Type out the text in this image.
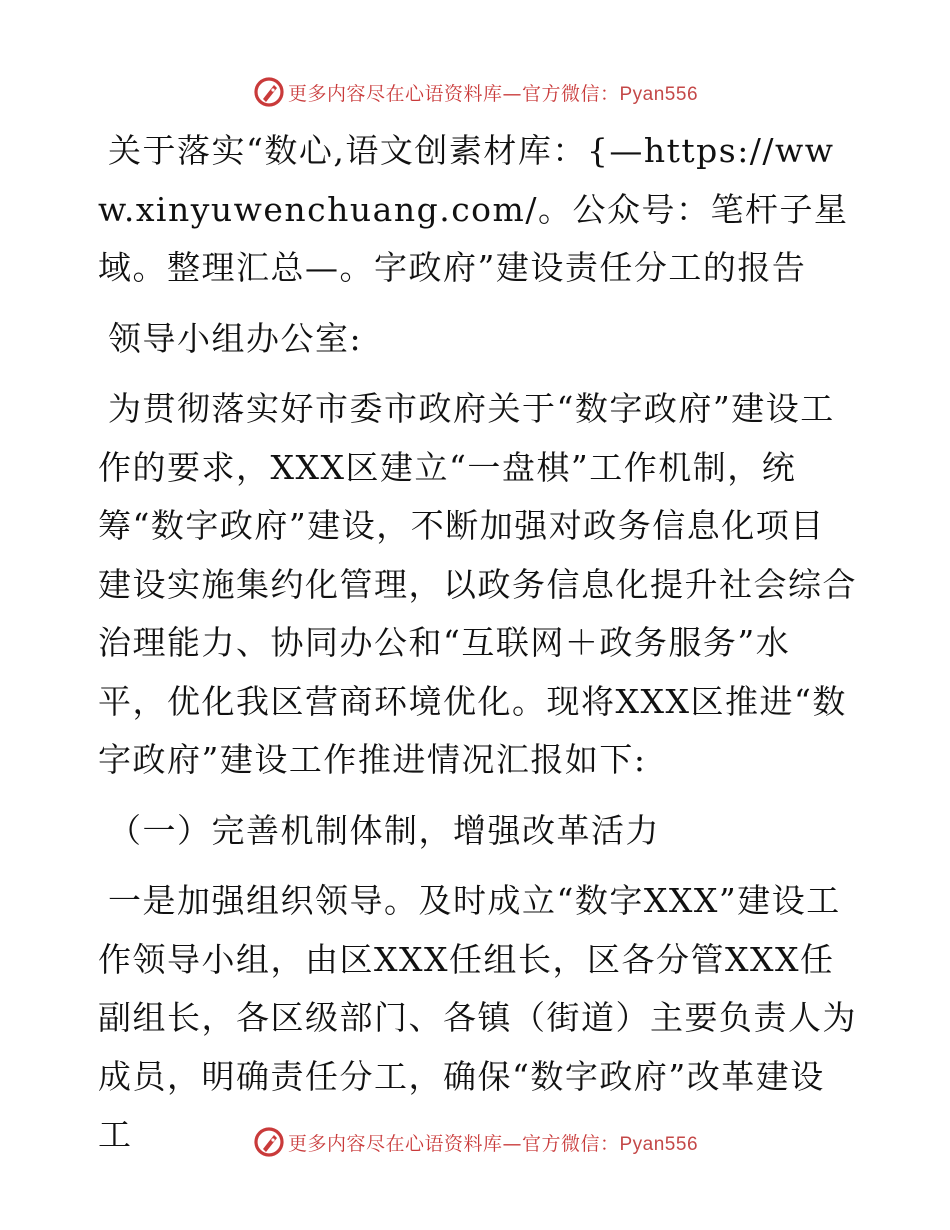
更多内容尽在心语资料库—官方微信：Pyan556

关于落实“数心,语文创素材库：{—https://www.xinyuwenchuang.com/。公众号：笔杆子星域。整理汇总—。字政府”建设责任分工的报告

领导小组办公室:

为贯彻落实好市委市政府关于“数字政府”建设工作的要求，XXX区建立“一盘棋”工作机制，统筹“数字政府”建设，不断加强对政务信息化项目建设实施集约化管理，以政务信息化提升社会综合治理能力、协同办公和“互联网＋政务服务”水平，优化我区营商环境优化。现将XXX区推进“数字政府”建设工作推进情况汇报如下:

（一）完善机制体制，增强改革活力

一是加强组织领导。及时成立“数字XXX”建设工作领导小组，由区XXX任组长，区各分管XXX任副组长，各区级部门、各镇（街道）主要负责人为成员，明确责任分工，确保“数字政府”改革建设工	更多内容尽在心语资料库—官方微信：Pyan556
